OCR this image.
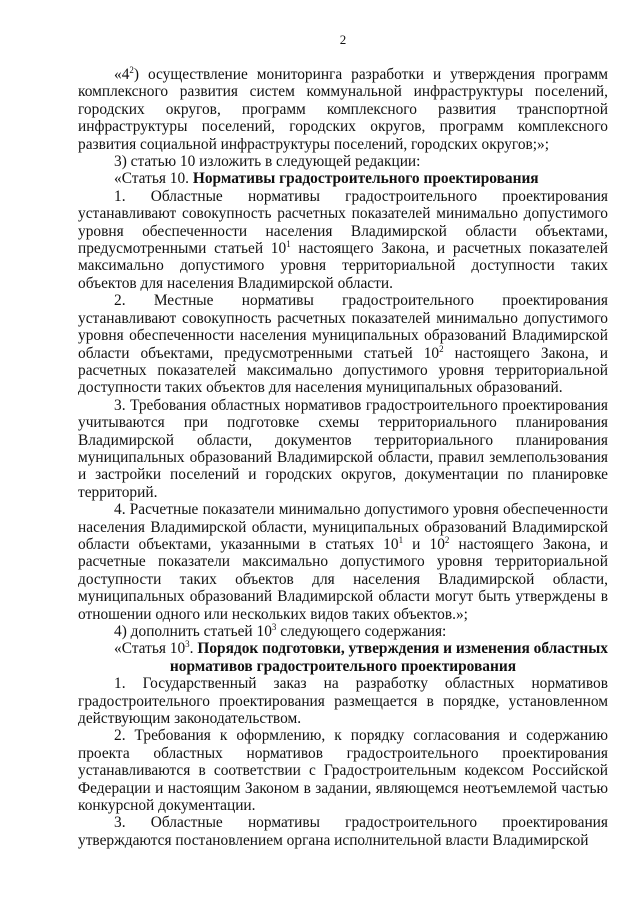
2

«$4^2$) осуществление мониторинга разработки и утверждения программ комплексного развития систем коммунальной инфраструктуры поселений, городских округов, программ комплексного развития транспортной инфраструктуры поселений, городских округов, программ комплексного развития социальной инфраструктуры поселений, городских округов;»;

3) статью 10 изложить в следующей редакции:

«Статья 10. Нормативы градостроительного проектирования

1. Областные нормативы градостроительного проектирования устанавливают совокупность расчетных показателей минимально допустимого уровня обеспеченности населения Владимирской области объектами, предусмотренными статьей $10^1$ настоящего Закона, и расчетных показателей максимально допустимого уровня территориальной доступности таких объектов для населения Владимирской области.

2. Местные нормативы градостроительного проектирования устанавливают совокупность расчетных показателей минимально допустимого уровня обеспеченности населения муниципальных образований Владимирской области объектами, предусмотренными статьей $10^2$ настоящего Закона, и расчетных показателей максимально допустимого уровня территориальной доступности таких объектов для населения муниципальных образований.

3. Требования областных нормативов градостроительного проектирования учитываются при подготовке схемы территориального планирования Владимирской области, документов территориального планирования муниципальных образований Владимирской области, правил землепользования и застройки поселений и городских округов, документации по планировке территорий.

4. Расчетные показатели минимально допустимого уровня обеспеченности населения Владимирской области, муниципальных образований Владимирской области объектами, указанными в статьях $10^1$ и $10^2$ настоящего Закона, и расчетные показатели максимально допустимого уровня территориальной доступности таких объектов для населения Владимирской области, муниципальных образований Владимирской области могут быть утверждены в отношении одного или нескольких видов таких объектов.»;

4) дополнить статьей $10^3$ следующего содержания:

«Статья $10^3$. Порядок подготовки, утверждения и изменения областных

нормативов градостроительного проектирования

1. Государственный заказ на разработку областных нормативов градостроительного проектирования размещается в порядке, установленном действующим законодательством.

2. Требования к оформлению, к порядку согласования и содержанию проекта областных нормативов градостроительного проектирования устанавливаются в соответствии с Градостроительным кодексом Российской Федерации и настоящим Законом в задании, являющемся неотъемлемой частью конкурсной документации.

3. Областные нормативы градостроительного проектирования утверждаются постановлением органа исполнительной власти Владимирской
